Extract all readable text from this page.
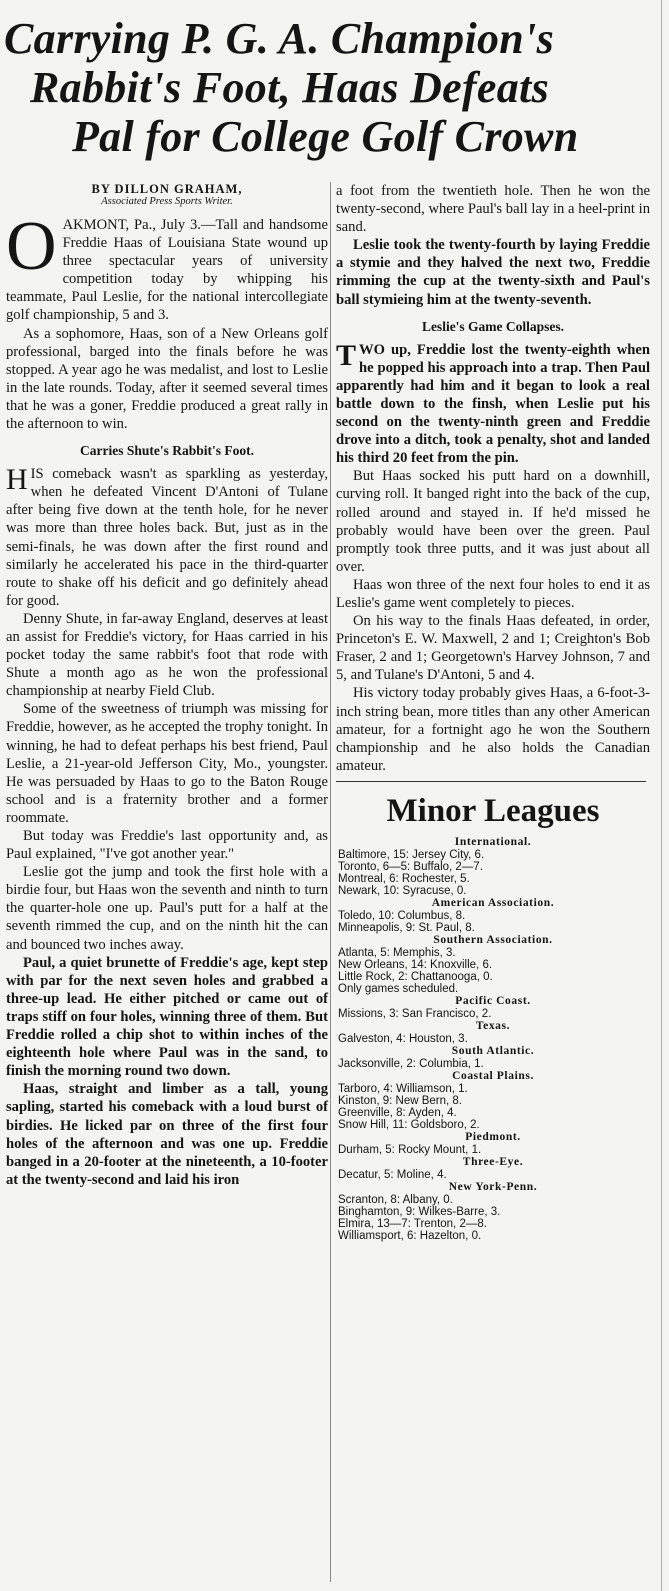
Carrying P. G. A. Champion's
Rabbit's Foot, Haas Defeats
Pal for College Golf Crown
BY DILLON GRAHAM,
Associated Press Sports Writer.

O AKMONT, Pa., July 3.—Tall and handsome Freddie Haas of Louisiana State wound up three spectacular years of university competition today by whipping his teammate, Paul Leslie, for the national intercollegiate golf championship, 5 and 3.

As a sophomore, Haas, son of a New Orleans golf professional, barged into the finals before he was stopped. A year ago he was medalist, and lost to Leslie in the late rounds. Today, after it seemed several times that he was a goner, Freddie produced a great rally in the afternoon to win.

Carries Shute's Rabbit's Foot.

H IS comeback wasn't as sparkling as yesterday, when he defeated Vincent D'Antoni of Tulane after being five down at the tenth hole, for he never was more than three holes back. But, just as in the semi-finals, he was down after the first round and similarly he accelerated his pace in the third-quarter route to shake off his deficit and go definitely ahead for good.

Denny Shute, in far-away England, deserves at least an assist for Freddie's victory, for Haas carried in his pocket today the same rabbit's foot that rode with Shute a month ago as he won the professional championship at nearby Field Club.

Some of the sweetness of triumph was missing for Freddie, however, as he accepted the trophy tonight. In winning, he had to defeat perhaps his best friend, Paul Leslie, a 21-year-old Jefferson City, Mo., youngster. He was persuaded by Haas to go to the Baton Rouge school and is a fraternity brother and a former roommate.

But today was Freddie's last opportunity and, as Paul explained, "I've got another year."

Leslie got the jump and took the first hole with a birdie four, but Haas won the seventh and ninth to turn the quarter-hole one up. Paul's putt for a half at the seventh rimmed the cup, and on the ninth hit the can and bounced two inches away.

Paul, a quiet brunette of Freddie's age, kept step with par for the next seven holes and grabbed a three-up lead. He either pitched or came out of traps stiff on four holes, winning three of them. But Freddie rolled a chip shot to within inches of the eighteenth hole where Paul was in the sand, to finish the morning round two down.

Haas, straight and limber as a tall, young sapling, started his comeback with a loud burst of birdies. He licked par on three of the first four holes of the afternoon and was one up. Freddie banged in a 20-footer at the nineteenth, a 10-footer at the twenty-second and laid his iron

a foot from the twentieth hole. Then he won the twenty-second, where Paul's ball lay in a heel-print in sand.

Leslie took the twenty-fourth by laying Freddie a stymie and they halved the next two, Freddie rimming the cup at the twenty-sixth and Paul's ball stymieing him at the twenty-seventh.

Leslie's Game Collapses.

T WO up, Freddie lost the twenty-eighth when he popped his approach into a trap. Then Paul apparently had him and it began to look a real battle down to the finsh, when Leslie put his second on the twenty-ninth green and Freddie drove into a ditch, took a penalty, shot and landed his third 20 feet from the pin.

But Haas socked his putt hard on a downhill, curving roll. It banged right into the back of the cup, rolled around and stayed in. If he'd missed he probably would have been over the green. Paul promptly took three putts, and it was just about all over.

Haas won three of the next four holes to end it as Leslie's game went completely to pieces.

On his way to the finals Haas defeated, in order, Princeton's E. W. Maxwell, 2 and 1; Creighton's Bob Fraser, 2 and 1; Georgetown's Harvey Johnson, 7 and 5, and Tulane's D'Antoni, 5 and 4.

His victory today probably gives Haas, a 6-foot-3-inch string bean, more titles than any other American amateur, for a fortnight ago he won the Southern championship and he also holds the Canadian amateur.

Minor Leagues
International.
Baltimore, 15: Jersey City, 6.
Toronto, 6—5: Buffalo, 2—7.
Montreal, 6: Rochester, 5.
Newark, 10: Syracuse, 0.
American Association.
Toledo, 10: Columbus, 8.
Minneapolis, 9: St. Paul, 8.
Southern Association.
Atlanta, 5: Memphis, 3.
New Orleans, 14: Knoxville, 6.
Little Rock, 2: Chattanooga, 0.
Only games scheduled.
Pacific Coast.
Missions, 3: San Francisco, 2.
Texas.
Galveston, 4: Houston, 3.
South Atlantic.
Jacksonville, 2: Columbia, 1.
Coastal Plains.
Tarboro, 4: Williamson, 1.
Kinston, 9: New Bern, 8.
Greenville, 8: Ayden, 4.
Snow Hill, 11: Goldsboro, 2.
Piedmont.
Durham, 5: Rocky Mount, 1.
Three-Eye.
Decatur, 5: Moline, 4.
New York-Penn.
Scranton, 8: Albany, 0.
Binghamton, 9: Wilkes-Barre, 3.
Elmira, 13—7: Trenton, 2—8.
Williamsport, 6: Hazelton, 0.
